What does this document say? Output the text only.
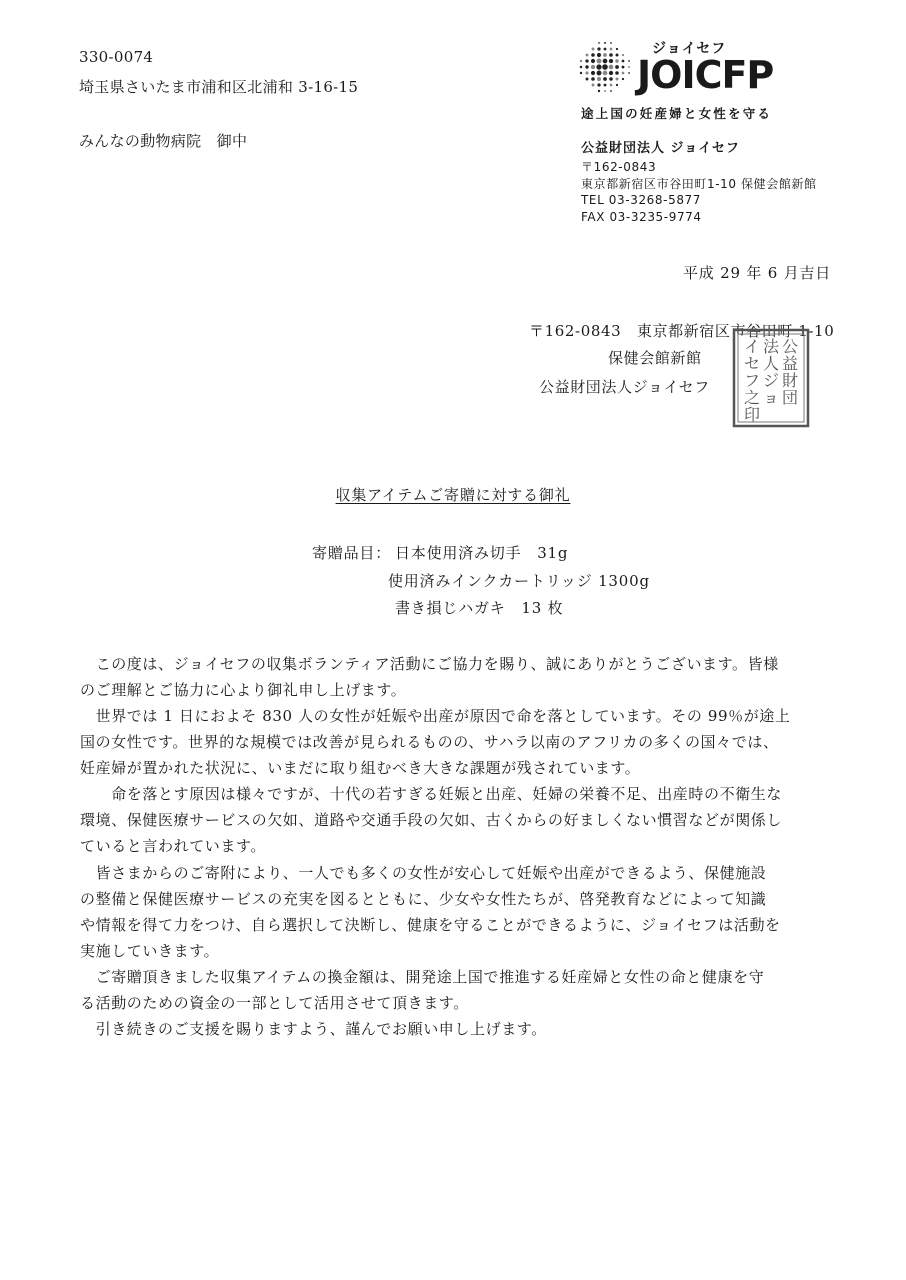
330-0074
埼玉県さいたま市浦和区北浦和 3-16-15
みんなの動物病院　御中
ジョイセフ
JOICFP
途上国の妊産婦と女性を守る
公益財団法人 ジョイセフ
〒162-0843
東京都新宿区市谷田町1-10 保健会館新館
TEL 03-3268-5877
FAX 03-3235-9774
平成 29 年 6 月吉日
〒162-0843　東京都新宿区市谷田町 1-10
保健会館新館
公益財団法人ジョイセフ
公
益
財
団
法
人
ジ
ョ
イ
セ
フ
之
印
収集アイテムご寄贈に対する御礼
寄贈品目： 日本使用済み切手　31g
使用済みインクカートリッジ 1300g
書き損じハガキ　13 枚
　この度は、ジョイセフの収集ボランティア活動にご協力を賜り、誠にありがとうございます。皆様
のご理解とご協力に心より御礼申し上げます。
　世界では 1 日におよそ 830 人の女性が妊娠や出産が原因で命を落としています。その 99％が途上
国の女性です。世界的な規模では改善が見られるものの、サハラ以南のアフリカの多くの国々では、
妊産婦が置かれた状況に、いまだに取り組むべき大きな課題が残されています。
　　命を落とす原因は様々ですが、十代の若すぎる妊娠と出産、妊婦の栄養不足、出産時の不衛生な
環境、保健医療サービスの欠如、道路や交通手段の欠如、古くからの好ましくない慣習などが関係し
ていると言われています。
　皆さまからのご寄附により、一人でも多くの女性が安心して妊娠や出産ができるよう、保健施設
の整備と保健医療サービスの充実を図るとともに、少女や女性たちが、啓発教育などによって知識
や情報を得て力をつけ、自ら選択して決断し、健康を守ることができるように、ジョイセフは活動を
実施していきます。
　ご寄贈頂きました収集アイテムの換金額は、開発途上国で推進する妊産婦と女性の命と健康を守
る活動のための資金の一部として活用させて頂きます。
　引き続きのご支援を賜りますよう、謹んでお願い申し上げます。
